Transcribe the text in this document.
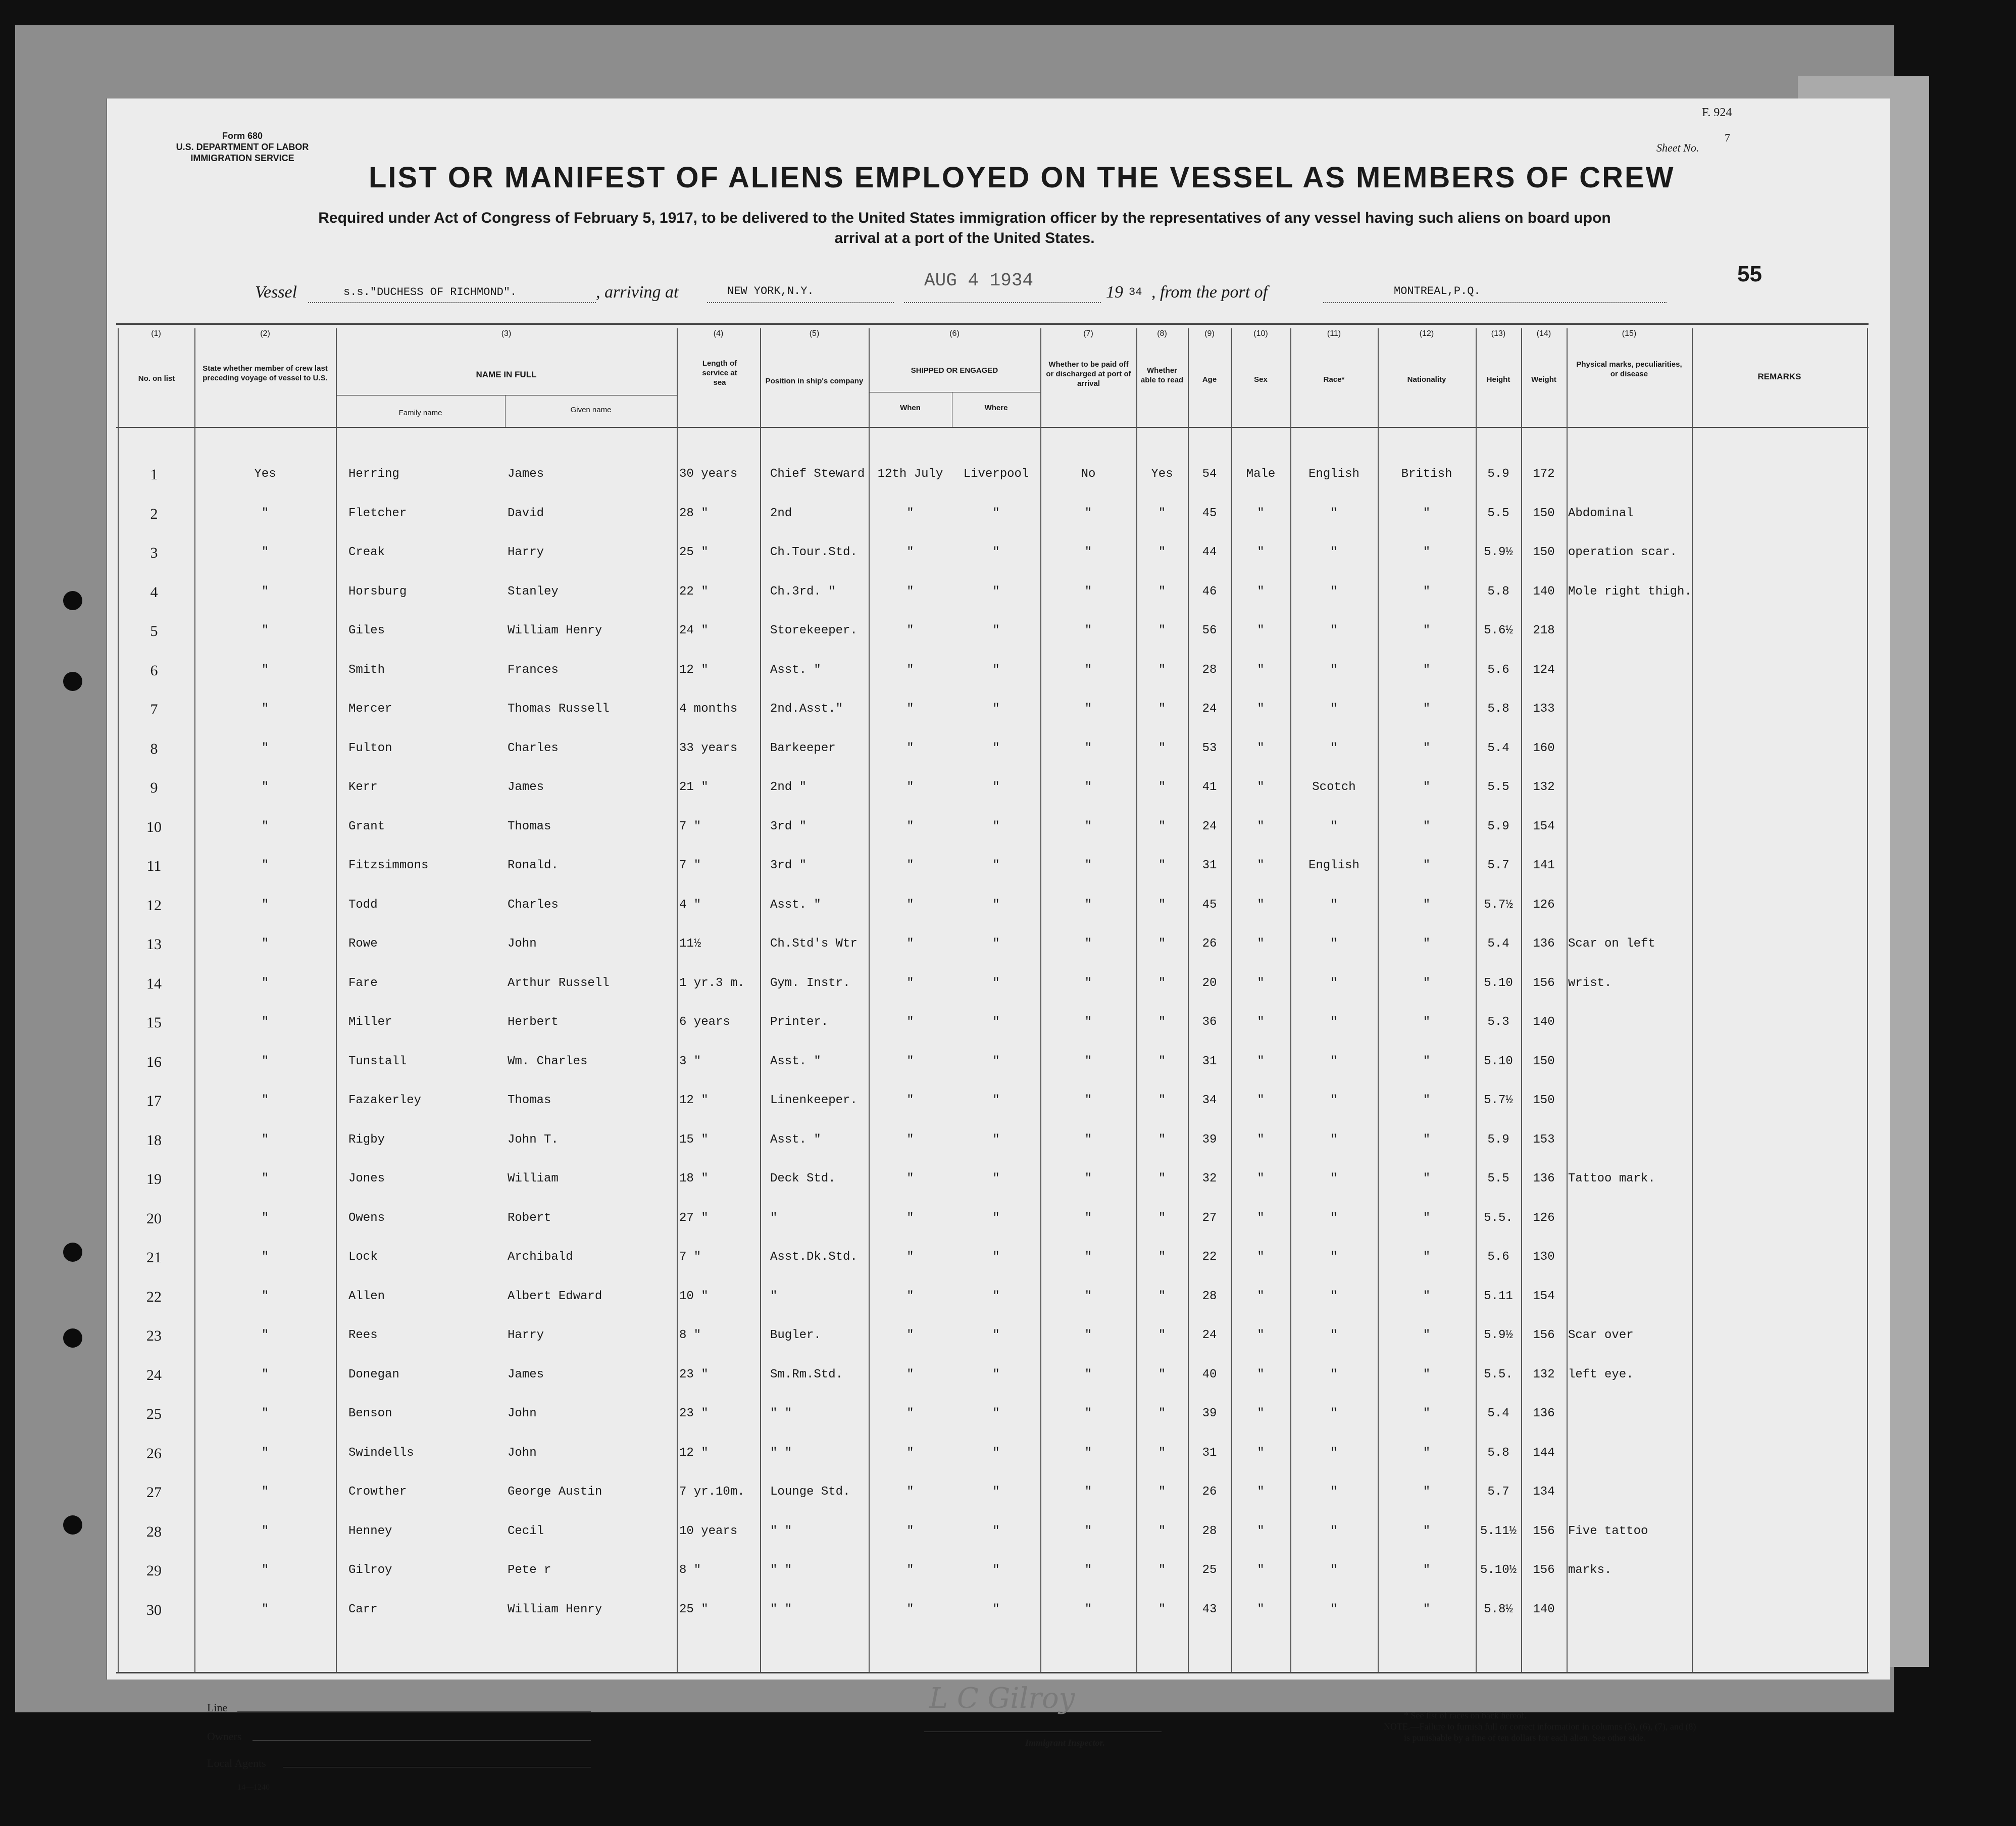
Form 680
U.S. DEPARTMENT OF LABOR
IMMIGRATION SERVICE
F. 924
Sheet No.
7
LIST OR MANIFEST OF ALIENS EMPLOYED ON THE VESSEL AS MEMBERS OF CREW
Required under Act of Congress of February 5, 1917, to be delivered to the United States immigration officer by the representatives of any vessel having such aliens on board upon
arrival at a port of the United States.
55
Vessel	s.s."DUCHESS OF RICHMOND".	, arriving at	NEW YORK,N.Y.
AUG 4 1934
19 34 , from the port of	MONTREAL,P.Q.
(1)	(2)	(3)	(4)	(5)	(6)	(7)	(8)	(9)	(10)	(11)	(12)	(13)	(14)	(15)
No. on list
State whether member of crew last preceding voyage of vessel to U.S.	NAME IN FULL
Family name	Given name
Length of service at sea	Position in ship's company
SHIPPED OR ENGAGED
When	Where
Whether to be paid off or discharged at port of arrival
Whether able to read	Age	Sex	Race*	Nationality	Height	Weight
Physical marks, peculiarities, or disease	REMARKS
1	Yes	Herring	James	30 years	Chief Steward	12th July	Liverpool	No	Yes	54	Male	English	British	5.9	172
2	"	Fletcher	David	28 "	2nd	"	"	"	"	45	"	"	"	5.5	150	Abdominal
3	"	Creak	Harry	25 "	Ch.Tour.Std.	"	"	"	"	44	"	"	"	5.9½	150	operation scar.
4	"	Horsburg	Stanley	22 "	Ch.3rd. "	"	"	"	"	46	"	"	"	5.8	140	Mole right thigh.
5	"	Giles	William Henry	24 "	Storekeeper.	"	"	"	"	56	"	"	"	5.6½	218
6	"	Smith	Frances	12 "	Asst. "	"	"	"	"	28	"	"	"	5.6	124
7	"	Mercer	Thomas Russell	4 months	2nd.Asst."	"	"	"	"	24	"	"	"	5.8	133
8	"	Fulton	Charles	33 years	Barkeeper	"	"	"	"	53	"	"	"	5.4	160
9	"	Kerr	James	21 "	2nd "	"	"	"	"	41	"	Scotch	"	5.5	132
10	"	Grant	Thomas	7 "	3rd "	"	"	"	"	24	"	"	"	5.9	154
11	"	Fitzsimmons	Ronald.	7 "	3rd "	"	"	"	"	31	"	English	"	5.7	141
12	"	Todd	Charles	4 "	Asst. "	"	"	"	"	45	"	"	"	5.7½	126
13	"	Rowe	John	11½	Ch.Std's Wtr	"	"	"	"	26	"	"	"	5.4	136	Scar on left
14	"	Fare	Arthur Russell	1 yr.3 m.	Gym. Instr.	"	"	"	"	20	"	"	"	5.10	156	wrist.
15	"	Miller	Herbert	6 years	Printer.	"	"	"	"	36	"	"	"	5.3	140
16	"	Tunstall	Wm. Charles	3 "	Asst. "	"	"	"	"	31	"	"	"	5.10	150
17	"	Fazakerley	Thomas	12 "	Linenkeeper.	"	"	"	"	34	"	"	"	5.7½	150
18	"	Rigby	John T.	15 "	Asst. "	"	"	"	"	39	"	"	"	5.9	153
19	"	Jones	William	18 "	Deck Std.	"	"	"	"	32	"	"	"	5.5	136	Tattoo mark.
20	"	Owens	Robert	27 "	"	"	"	"	"	27	"	"	"	5.5.	126
21	"	Lock	Archibald	7 "	Asst.Dk.Std.	"	"	"	"	22	"	"	"	5.6	130
22	"	Allen	Albert Edward	10 "	"	"	"	"	"	28	"	"	"	5.11	154
23	"	Rees	Harry	8 "	Bugler.	"	"	"	"	24	"	"	"	5.9½	156	Scar over
24	"	Donegan	James	23 "	Sm.Rm.Std.	"	"	"	"	40	"	"	"	5.5.	132	left eye.
25	"	Benson	John	23 "	" "	"	"	"	"	39	"	"	"	5.4	136
26	"	Swindells	John	12 "	" "	"	"	"	"	31	"	"	"	5.8	144
27	"	Crowther	George Austin	7 yr.10m.	Lounge Std.	"	"	"	"	26	"	"	"	5.7	134
28	"	Henney	Cecil	10 years	" "	"	"	"	"	28	"	"	"	5.11½	156	Five tattoo
29	"	Gilroy	Pete r	8 "	" "	"	"	"	"	25	"	"	"	5.10½	156	marks.
30	"	Carr	William Henry	25 "	" "	"	"	"	"	43	"	"	"	5.8½	140
Line
Owners
Local Agents
14—1240
L C Gilroy
Immigrant Inspector.
* See list of races on back hereof.
NOTE.—Failure to furnish full or correct information in columns (3), (6), (7), and (8)
is punishable by a fine of ten dollars for each alien. See other side.
